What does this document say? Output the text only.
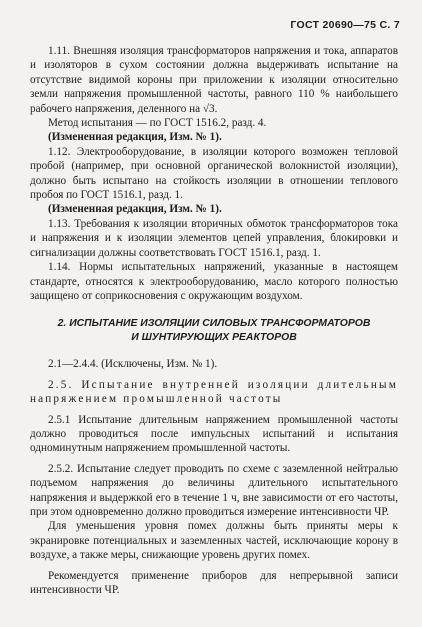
ГОСТ 20690—75 С. 7

1.11. Внешняя изоляция трансформаторов напряжения и тока, аппаратов и изоляторов в сухом состоянии должна выдерживать испытание на отсутствие видимой короны при приложении к изоляции относительно земли напряжения промышленной частоты, равного 110 % наибольшего рабочего напряжения, деленного на √3.

Метод испытания — по ГОСТ 1516.2, разд. 4.

(Измененная редакция, Изм. № 1).

1.12. Электрооборудование, в изоляции которого возможен тепловой пробой (например, при основной органической волокнистой изоляции), должно быть испытано на стойкость изоляции в отношении теплового пробоя по ГОСТ 1516.1, разд. 1.

(Измененная редакция, Изм. № 1).

1.13. Требования к изоляции вторичных обмоток трансформаторов тока и напряжения и к изоляции элементов цепей управления, блокировки и сигнализации должны соответствовать ГОСТ 1516.1, разд. 1.

1.14. Нормы испытательных напряжений, указанные в настоящем стандарте, относятся к электрооборудованию, масло которого полностью защищено от соприкосновения с окружающим воздухом.

2. ИСПЫТАНИЕ ИЗОЛЯЦИИ СИЛОВЫХ ТРАНСФОРМАТОРОВ
И ШУНТИРУЮЩИХ РЕАКТОРОВ

2.1—2.4.4. (Исключены, Изм. № 1).

2.5. Испытание внутренней изоляции длительным напряжением промышленной частоты

2.5.1 Испытание длительным напряжением промышленной частоты должно проводиться после импульсных испытаний и испытания одноминутным напряжением промышленной частоты.

2.5.2. Испытание следует проводить по схеме с заземленной нейтралью подъемом напряжения до величины длительного испытательного напряжения и выдержкой его в течение 1 ч, вне зависимости от его частоты, при этом одновременно должно проводиться измерение интенсивности ЧР.

Для уменьшения уровня помех должны быть приняты меры к экранировке потенциальных и заземленных частей, исключающие корону в воздухе, а также меры, снижающие уровень других помех.

Рекомендуется применение приборов для непрерывной записи интенсивности ЧР.
